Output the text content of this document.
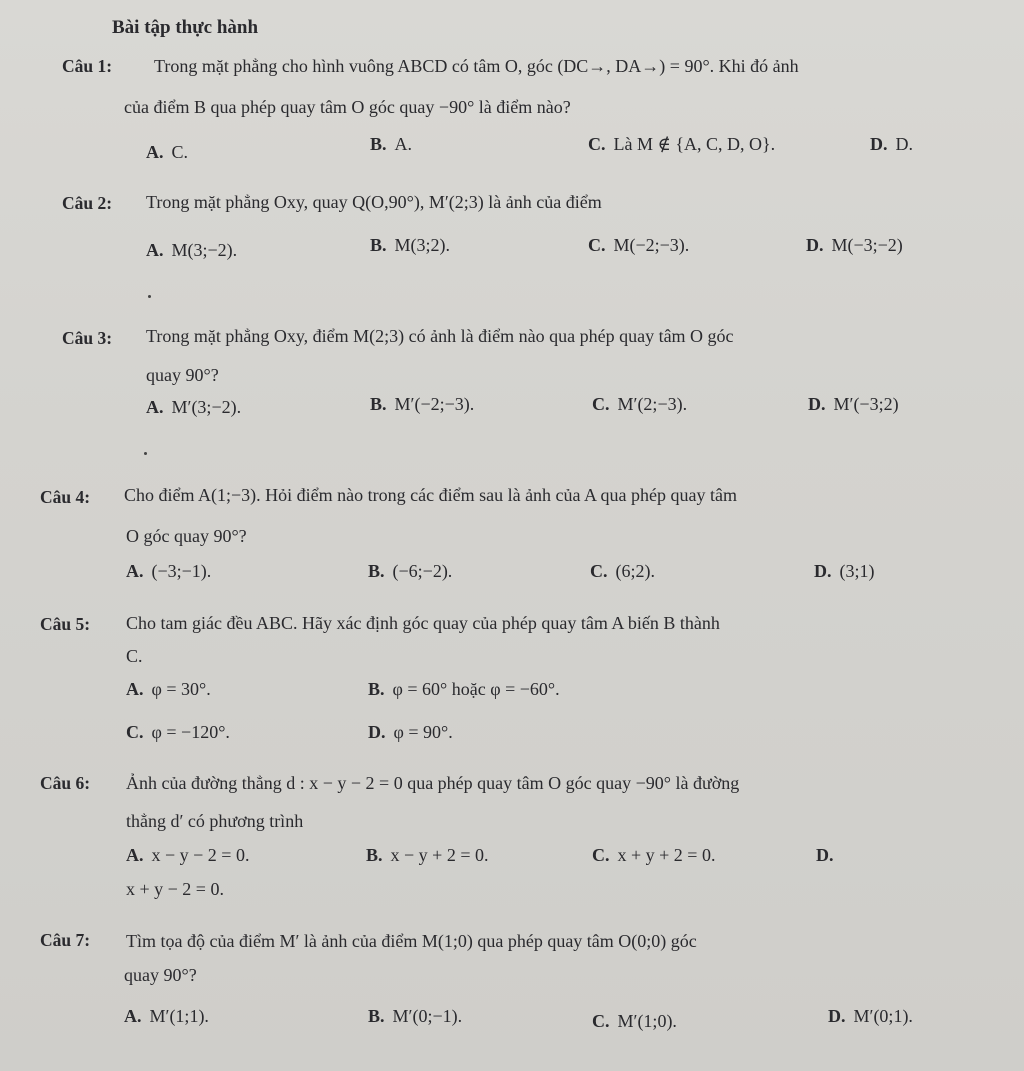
Bài tập thực hành
Câu 1: Trong mặt phẳng cho hình vuông ABCD có tâm O, góc (DC→, DA→) = 90°. Khi đó ảnh
của điểm B qua phép quay tâm O góc quay −90° là điểm nào?
A. C.	B. A.	C. Là M ∉ {A, C, D, O}.	D. D.
Câu 2: Trong mặt phẳng Oxy, quay Q(O,90°), M′(2;3) là ảnh của điểm
A. M(3;−2).	B. M(3;2).	C. M(−2;−3).	D. M(−3;−2)
Câu 3: Trong mặt phẳng Oxy, điểm M(2;3) có ảnh là điểm nào qua phép quay tâm O góc
quay 90°?
A. M′(3;−2).	B. M′(−2;−3).	C. M′(2;−3).	D. M′(−3;2)
Câu 4: Cho điểm A(1;−3). Hỏi điểm nào trong các điểm sau là ảnh của A qua phép quay tâm
O góc quay 90°?
A. (−3;−1).	B. (−6;−2).	C. (6;2).	D. (3;1)
Câu 5: Cho tam giác đều ABC. Hãy xác định góc quay của phép quay tâm A biến B thành
C.
A. φ = 30°.	B. φ = 60° hoặc φ = −60°.
C. φ = −120°.	D. φ = 90°.
Câu 6: Ảnh của đường thẳng d : x − y − 2 = 0 qua phép quay tâm O góc quay −90° là đường
thẳng d′ có phương trình
A. x − y − 2 = 0.	B. x − y + 2 = 0.	C. x + y + 2 = 0.	D.
x + y − 2 = 0.
Câu 7: Tìm tọa độ của điểm M′ là ảnh của điểm M(1;0) qua phép quay tâm O(0;0) góc
quay 90°?
A. M′(1;1).	B. M′(0;−1).	C. M′(1;0).	D. M′(0;1).
